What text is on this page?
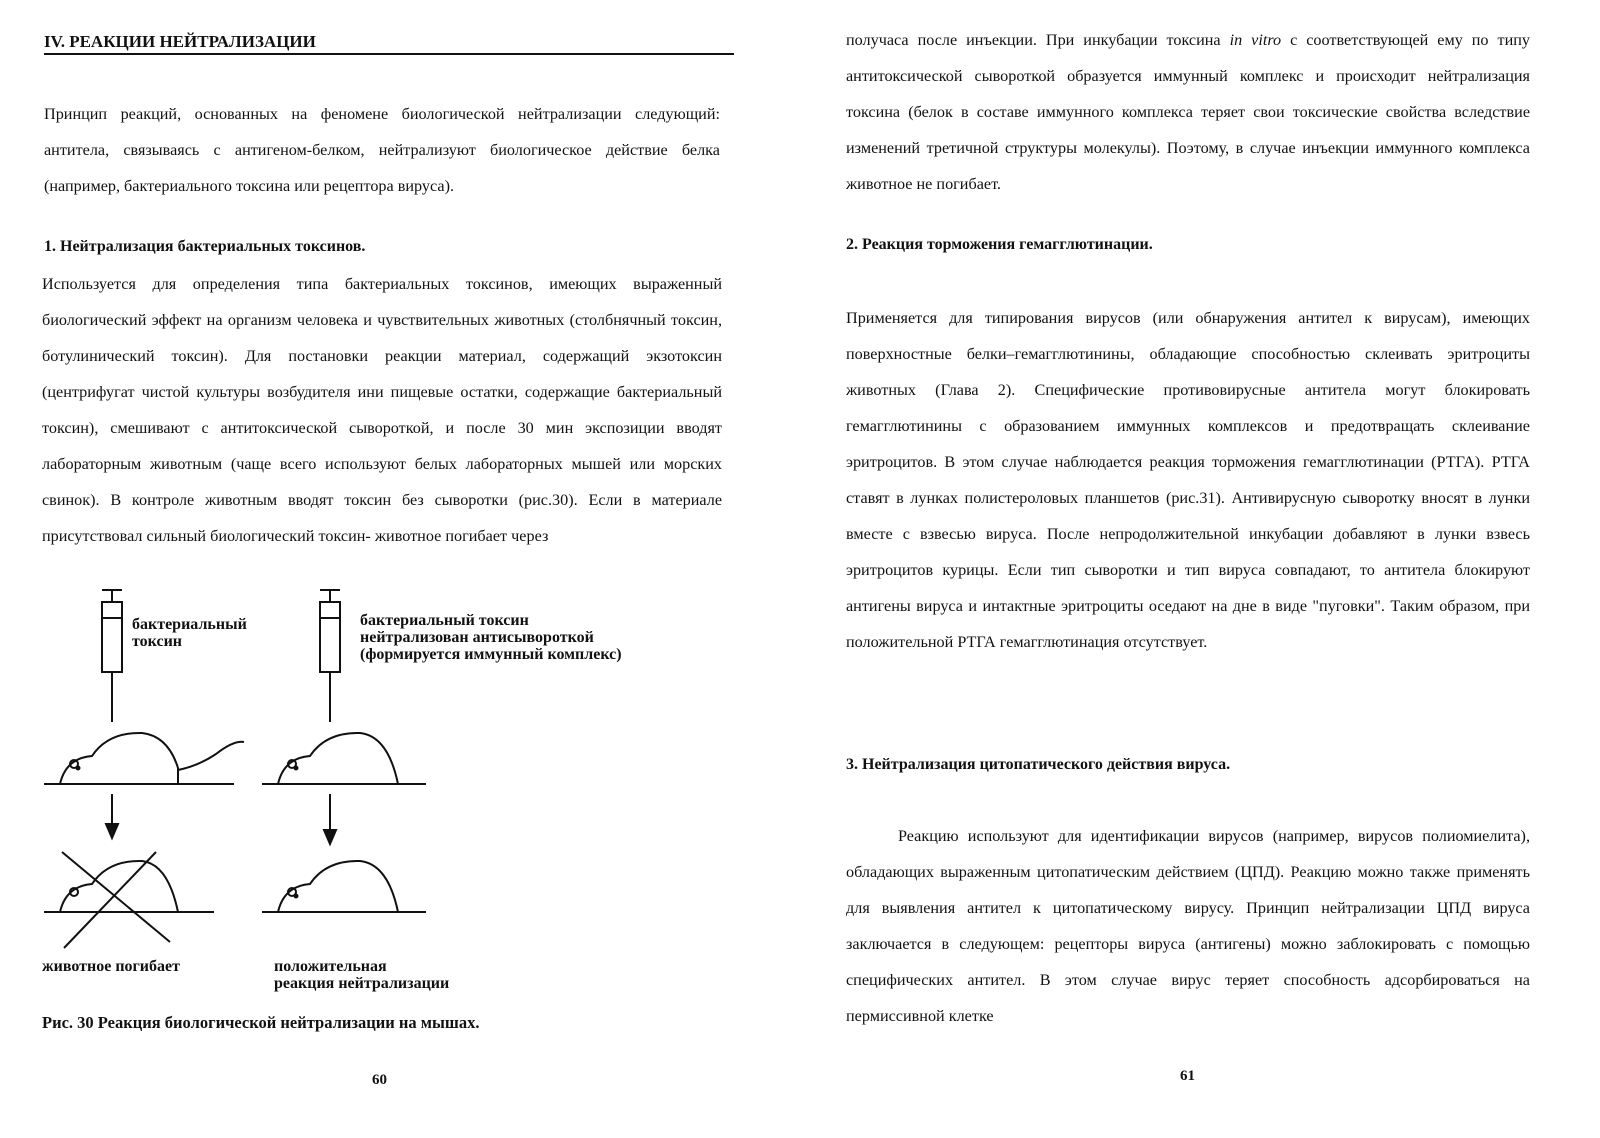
IV. РЕАКЦИИ НЕЙТРАЛИЗАЦИИ
Принцип реакций, основанных на феномене биологической нейтрализации следующий: антитела, связываясь с антигеном-белком, нейтрализуют биологическое действие белка (например, бактериального токсина или рецептора вируса).
1. Нейтрализация бактериальных токсинов.
Используется для определения типа бактериальных токсинов, имеющих выраженный биологический эффект на организм человека и чувствительных животных (столбнячный токсин, ботулинический токсин). Для постановки реакции материал, содержащий экзотоксин (центрифугат чистой культуры возбудителя ини пищевые остатки, содержащие бактериальный токсин), смешивают с антитоксической сывороткой, и после 30 мин экспозиции вводят лабораторным животным (чаще всего используют белых лабораторных мышей или морских свинок). В контроле животным вводят токсин без сыворотки (рис.30). Если в материале присутствовал сильный биологический токсин- животное погибает через
бактериальный
токсин
бактериальный токсин
нейтрализован антисывороткой
(формируется иммунный комплекс)
животное погибает	положительная
реакция нейтрализации
Рис. 30 Реакция биологической нейтрализации на мышах.
60
получаса после инъекции. При инкубации токсина in vitro с соответствующей ему по типу антитоксической сывороткой образуется иммунный комплекс и происходит нейтрализация токсина (белок в составе иммунного комплекса теряет свои токсические свойства вследствие изменений третичной структуры молекулы). Поэтому, в случае инъекции иммунного комплекса животное не погибает.
2. Реакция торможения гемагглютинации.
Применяется для типирования вирусов (или обнаружения антител к вирусам), имеющих поверхностные белки–гемагглютинины, обладающие способностью склеивать эритроциты животных (Глава 2). Специфические противовирусные антитела могут блокировать гемагглютинины с образованием иммунных комплексов и предотвращать склеивание эритроцитов. В этом случае наблюдается реакция торможения гемагглютинации (РТГА). РТГА ставят в лунках полистероловых планшетов (рис.31). Антивирусную сыворотку вносят в лунки вместе с взвесью вируса. После непродолжительной инкубации добавляют в лунки взвесь эритроцитов курицы. Если тип сыворотки и тип вируса совпадают, то антитела блокируют антигены вируса и интактные эритроциты оседают на дне в виде "пуговки". Таким образом, при положительной РТГА гемагглютинация отсутствует.
3. Нейтрализация цитопатического действия вируса.
Реакцию используют для идентификации вирусов (например, вирусов полиомиелита), обладающих выраженным цитопатическим действием (ЦПД). Реакцию можно также применять для выявления антител к цитопатическому вирусу. Принцип нейтрализации ЦПД вируса заключается в следующем: рецепторы вируса (антигены) можно заблокировать с помощью специфических антител. В этом случае вирус теряет способность адсорбироваться на пермиссивной клетке
61
